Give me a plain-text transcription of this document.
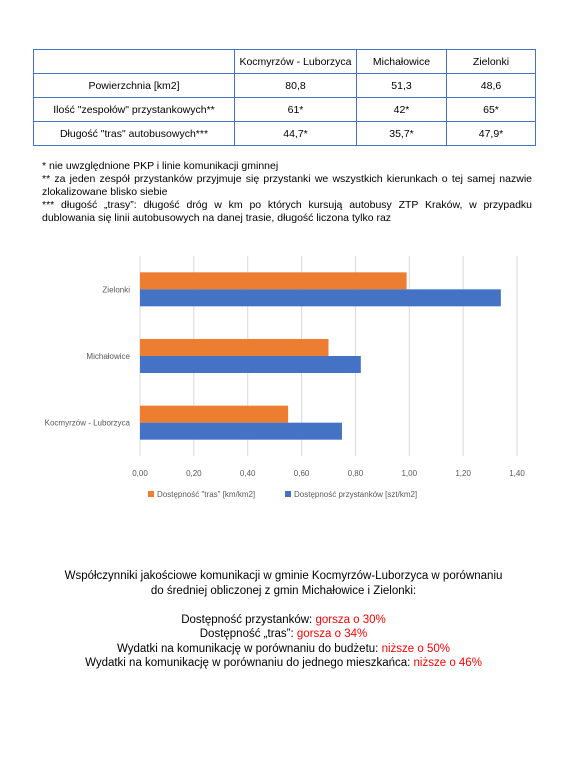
	Kocmyrzów - Luborzyca	Michałowice	Zielonki
Powierzchnia [km2]	80,8	51,3	48,6
Ilość "zespołów" przystankowych**	61*	42*	65*
Długość "tras" autobusowych***	44,7*	35,7*	47,9*

* nie uwzględnione PKP i linie komunikacji gminnej

** za jeden zespół przystanków przyjmuje się przystanki we wszystkich kierunkach o tej samej nazwie zlokalizowane blisko siebie

*** długość „trasy”: długość dróg w km po których kursują autobusy ZTP Kraków, w przypadku dublowania się linii autobusowych na danej trasie, długość liczona tylko raz

0,00	0,20	0,40	0,60	0,80	1,00	1,20	1,40
Kocmyrzów - Luborzyca
Michałowice
Zielonki
Dostępność "tras" [km/km2]	Dostępność przystanków [szt/km2]

Współczynniki jakościowe komunikacji w gminie Kocmyrzów-Luborzyca w porównaniu

do średniej obliczonej z gmin Michałowice i Zielonki:

Dostępność przystanków: gorsza o 30%

Dostępność „tras”: gorsza o 34%

Wydatki na komunikację w porównaniu do budżetu: niższe o 50%

Wydatki na komunikację w porównaniu do jednego mieszkańca: niższe o 46%
